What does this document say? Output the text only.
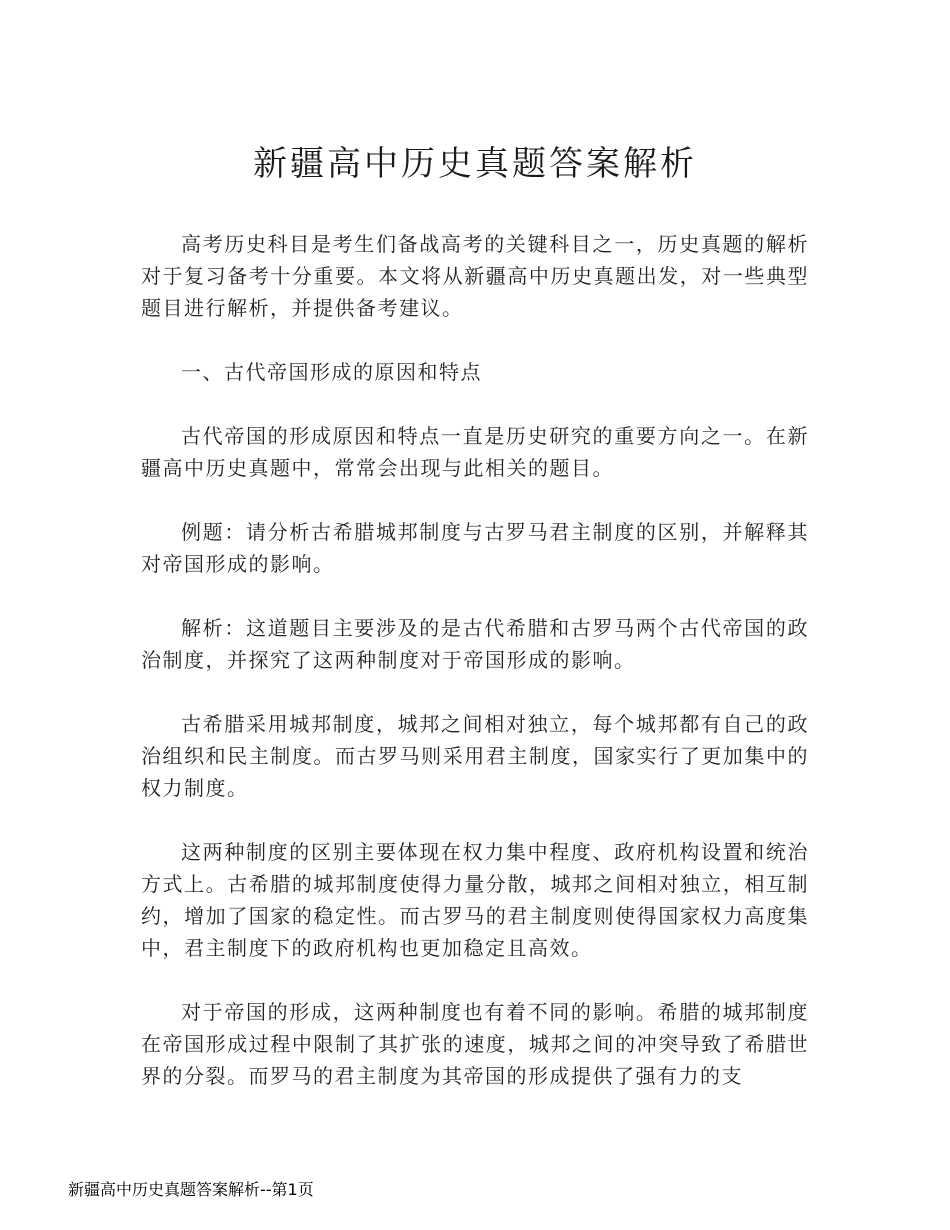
新疆高中历史真题答案解析

高考历史科目是考生们备战高考的关键科目之一，历史真题的解析对于复习备考十分重要。本文将从新疆高中历史真题出发，对一些典型题目进行解析，并提供备考建议。

一、古代帝国形成的原因和特点

古代帝国的形成原因和特点一直是历史研究的重要方向之一。在新疆高中历史真题中，常常会出现与此相关的题目。

例题：请分析古希腊城邦制度与古罗马君主制度的区别，并解释其对帝国形成的影响。

解析：这道题目主要涉及的是古代希腊和古罗马两个古代帝国的政治制度，并探究了这两种制度对于帝国形成的影响。

古希腊采用城邦制度，城邦之间相对独立，每个城邦都有自己的政治组织和民主制度。而古罗马则采用君主制度，国家实行了更加集中的权力制度。

这两种制度的区别主要体现在权力集中程度、政府机构设置和统治方式上。古希腊的城邦制度使得力量分散，城邦之间相对独立，相互制约，增加了国家的稳定性。而古罗马的君主制度则使得国家权力高度集中，君主制度下的政府机构也更加稳定且高效。

对于帝国的形成，这两种制度也有着不同的影响。希腊的城邦制度在帝国形成过程中限制了其扩张的速度，城邦之间的冲突导致了希腊世界的分裂。而罗马的君主制度为其帝国的形成提供了强有力的支

新疆高中历史真题答案解析--第1页
